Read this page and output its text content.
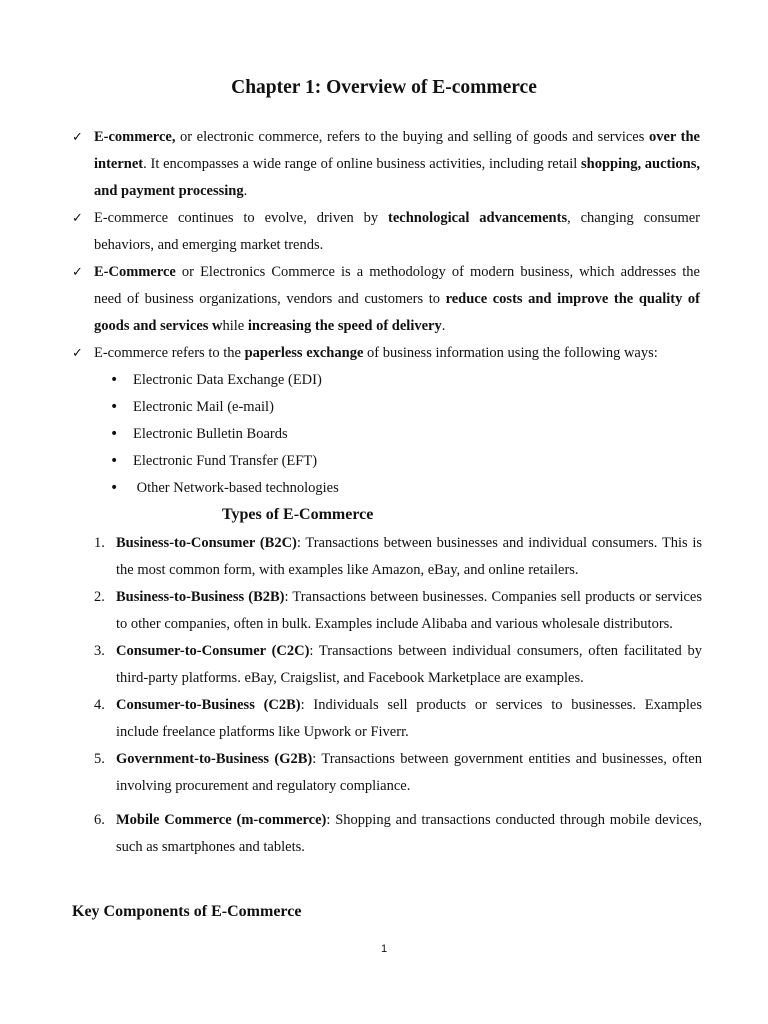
Chapter 1: Overview of E-commerce
✓ E-commerce, or electronic commerce, refers to the buying and selling of goods and services over the internet. It encompasses a wide range of online business activities, including retail shopping, auctions, and payment processing.
✓ E-commerce continues to evolve, driven by technological advancements, changing consumer behaviors, and emerging market trends.
✓ E-Commerce or Electronics Commerce is a methodology of modern business, which addresses the need of business organizations, vendors and customers to reduce costs and improve the quality of goods and services while increasing the speed of delivery.
✓ E-commerce refers to the paperless exchange of business information using the following ways:
• Electronic Data Exchange (EDI)
• Electronic Mail (e-mail)
• Electronic Bulletin Boards
• Electronic Fund Transfer (EFT)
• Other Network-based technologies
Types of E-Commerce
1. Business-to-Consumer (B2C): Transactions between businesses and individual consumers. This is the most common form, with examples like Amazon, eBay, and online retailers.
2. Business-to-Business (B2B): Transactions between businesses. Companies sell products or services to other companies, often in bulk. Examples include Alibaba and various wholesale distributors.
3. Consumer-to-Consumer (C2C): Transactions between individual consumers, often facilitated by third-party platforms. eBay, Craigslist, and Facebook Marketplace are examples.
4. Consumer-to-Business (C2B): Individuals sell products or services to businesses. Examples include freelance platforms like Upwork or Fiverr.
5. Government-to-Business (G2B): Transactions between government entities and businesses, often involving procurement and regulatory compliance.
6. Mobile Commerce (m-commerce): Shopping and transactions conducted through mobile devices, such as smartphones and tablets.
Key Components of E-Commerce
1
